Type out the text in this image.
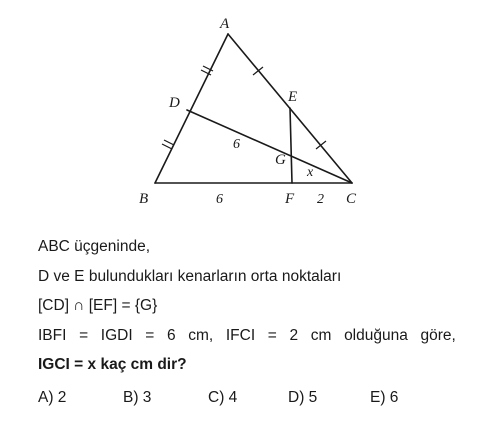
A
B	C
D	E
F
G
6
6	2
x
ABC üçgeninde,
D ve E bulundukları kenarların orta noktaları
[CD] ∩ [EF] = {G}
IBFI = IGDI = 6 cm, IFCI = 2 cm olduğuna göre,
IGCI = x kaç cm dir?
A) 2	B) 3	C) 4	D) 5	E) 6
